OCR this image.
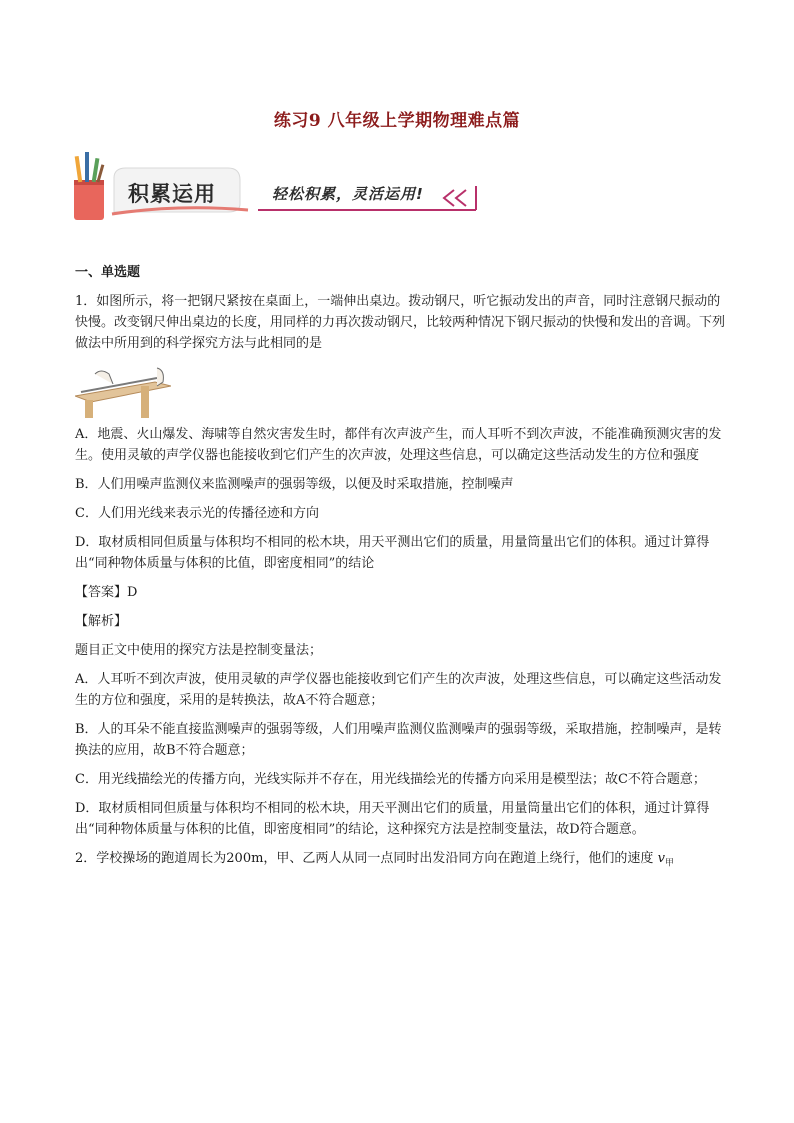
练习9 八年级上学期物理难点篇
积累运用	轻松积累，灵活运用!
一、单选题

1．如图所示，将一把钢尺紧按在桌面上，一端伸出桌边。拨动钢尺，听它振动发出的声音，同时注意钢尺振动的快慢。改变钢尺伸出桌边的长度，用同样的力再次拨动钢尺，比较两种情况下钢尺振动的快慢和发出的音调。下列做法中所用到的科学探究方法与此相同的是

A．地震、火山爆发、海啸等自然灾害发生时，都伴有次声波产生，而人耳听不到次声波，不能准确预测灾害的发生。使用灵敏的声学仪器也能接收到它们产生的次声波，处理这些信息，可以确定这些活动发生的方位和强度

B．人们用噪声监测仪来监测噪声的强弱等级，以便及时采取措施，控制噪声

C．人们用光线来表示光的传播径迹和方向

D．取材质相同但质量与体积均不相同的松木块，用天平测出它们的质量，用量筒量出它们的体积。通过计算得出“同种物体质量与体积的比值，即密度相同”的结论

【答案】D

【解析】

题目正文中使用的探究方法是控制变量法；

A．人耳听不到次声波，使用灵敏的声学仪器也能接收到它们产生的次声波，处理这些信息，可以确定这些活动发生的方位和强度，采用的是转换法，故A不符合题意；

B．人的耳朵不能直接监测噪声的强弱等级，人们用噪声监测仪监测噪声的强弱等级，采取措施，控制噪声，是转换法的应用，故B不符合题意；

C．用光线描绘光的传播方向，光线实际并不存在，用光线描绘光的传播方向采用是模型法；故C不符合题意；

D．取材质相同但质量与体积均不相同的松木块，用天平测出它们的质量，用量筒量出它们的体积，通过计算得出“同种物体质量与体积的比值，即密度相同”的结论，这种探究方法是控制变量法，故D符合题意。

2．学校操场的跑道周长为200m，甲、乙两人从同一点同时出发沿同方向在跑道上绕行，他们的速度 $v_甲$
